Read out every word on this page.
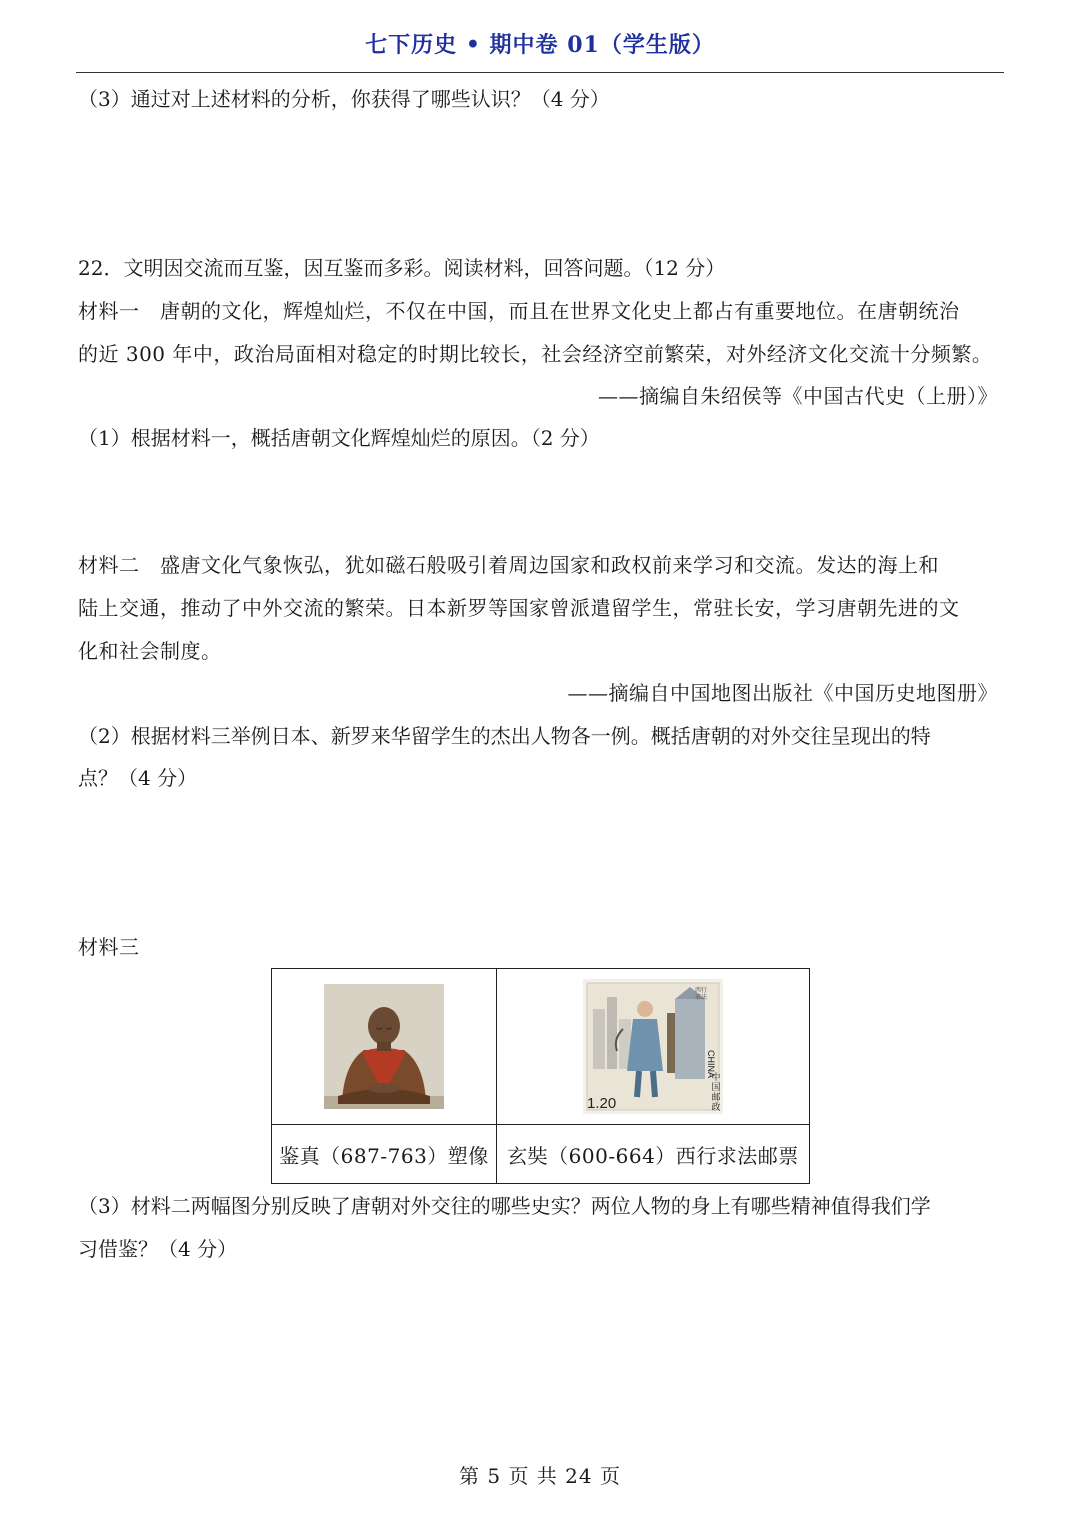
七下历史 • 期中卷 01（学生版）
（3）通过对上述材料的分析，你获得了哪些认识？（4 分）
22．文明因交流而互鉴，因互鉴而多彩。阅读材料，回答问题。（12 分）
材料一　唐朝的文化，辉煌灿烂，不仅在中国，而且在世界文化史上都占有重要地位。在唐朝统治
的近 300 年中，政治局面相对稳定的时期比较长，社会经济空前繁荣，对外经济文化交流十分频繁。
——摘编自朱绍侯等《中国古代史（上册）》
（1）根据材料一，概括唐朝文化辉煌灿烂的原因。（2 分）
材料二　盛唐文化气象恢弘，犹如磁石般吸引着周边国家和政权前来学习和交流。发达的海上和
陆上交通，推动了中外交流的繁荣。日本新罗等国家曾派遣留学生，常驻长安，学习唐朝先进的文
化和社会制度。
——摘编自中国地图出版社《中国历史地图册》
（2）根据材料三举例日本、新罗来华留学生的杰出人物各一例。概括唐朝的对外交往呈现出的特
点？（4 分）
材料三

西行求法
1.20
CHINA
中国邮政

鉴真（687-763）塑像	玄奘（600-664）西行求法邮票
（3）材料二两幅图分别反映了唐朝对外交往的哪些史实？两位人物的身上有哪些精神值得我们学
习借鉴？（4 分）
第 5 页 共 24 页
